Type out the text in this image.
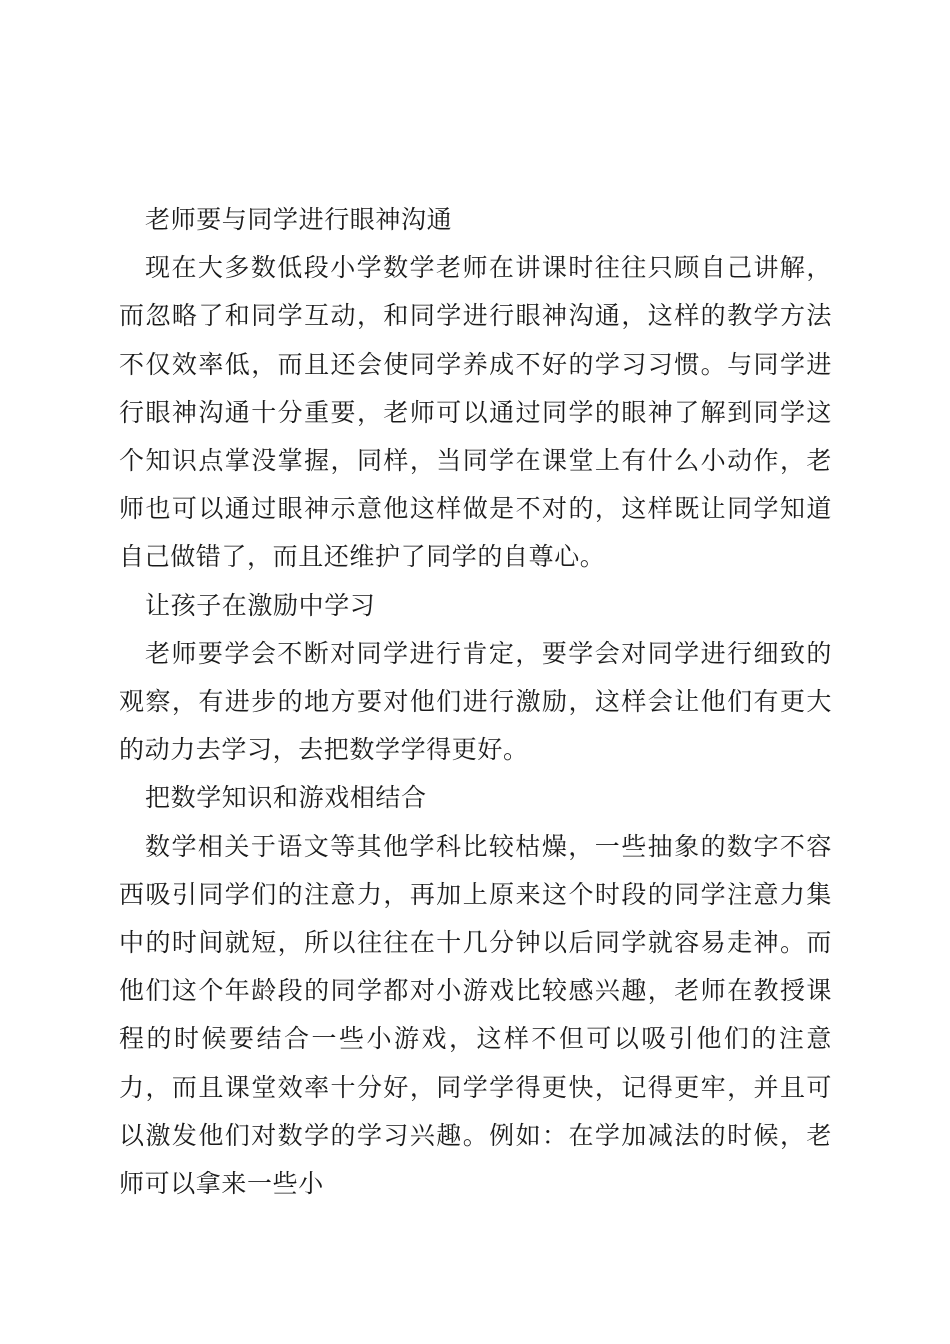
老师要与同学进行眼神沟通

现在大多数低段小学数学老师在讲课时往往只顾自己讲解，而忽略了和同学互动，和同学进行眼神沟通，这样的教学方法不仅效率低，而且还会使同学养成不好的学习习惯。与同学进行眼神沟通十分重要，老师可以通过同学的眼神了解到同学这个知识点掌没掌握，同样，当同学在课堂上有什么小动作，老师也可以通过眼神示意他这样做是不对的，这样既让同学知道自己做错了，而且还维护了同学的自尊心。

让孩子在激励中学习

老师要学会不断对同学进行肯定，要学会对同学进行细致的观察，有进步的地方要对他们进行激励，这样会让他们有更大的动力去学习，去把数学学得更好。

把数学知识和游戏相结合

数学相关于语文等其他学科比较枯燥，一些抽象的数字不容西吸引同学们的注意力，再加上原来这个时段的同学注意力集中的时间就短，所以往往在十几分钟以后同学就容易走神。而他们这个年龄段的同学都对小游戏比较感兴趣，老师在教授课程的时候要结合一些小游戏，这样不但可以吸引他们的注意力，而且课堂效率十分好，同学学得更快，记得更牢，并且可以激发他们对数学的学习兴趣。例如：在学加减法的时候，老师可以拿来一些小
